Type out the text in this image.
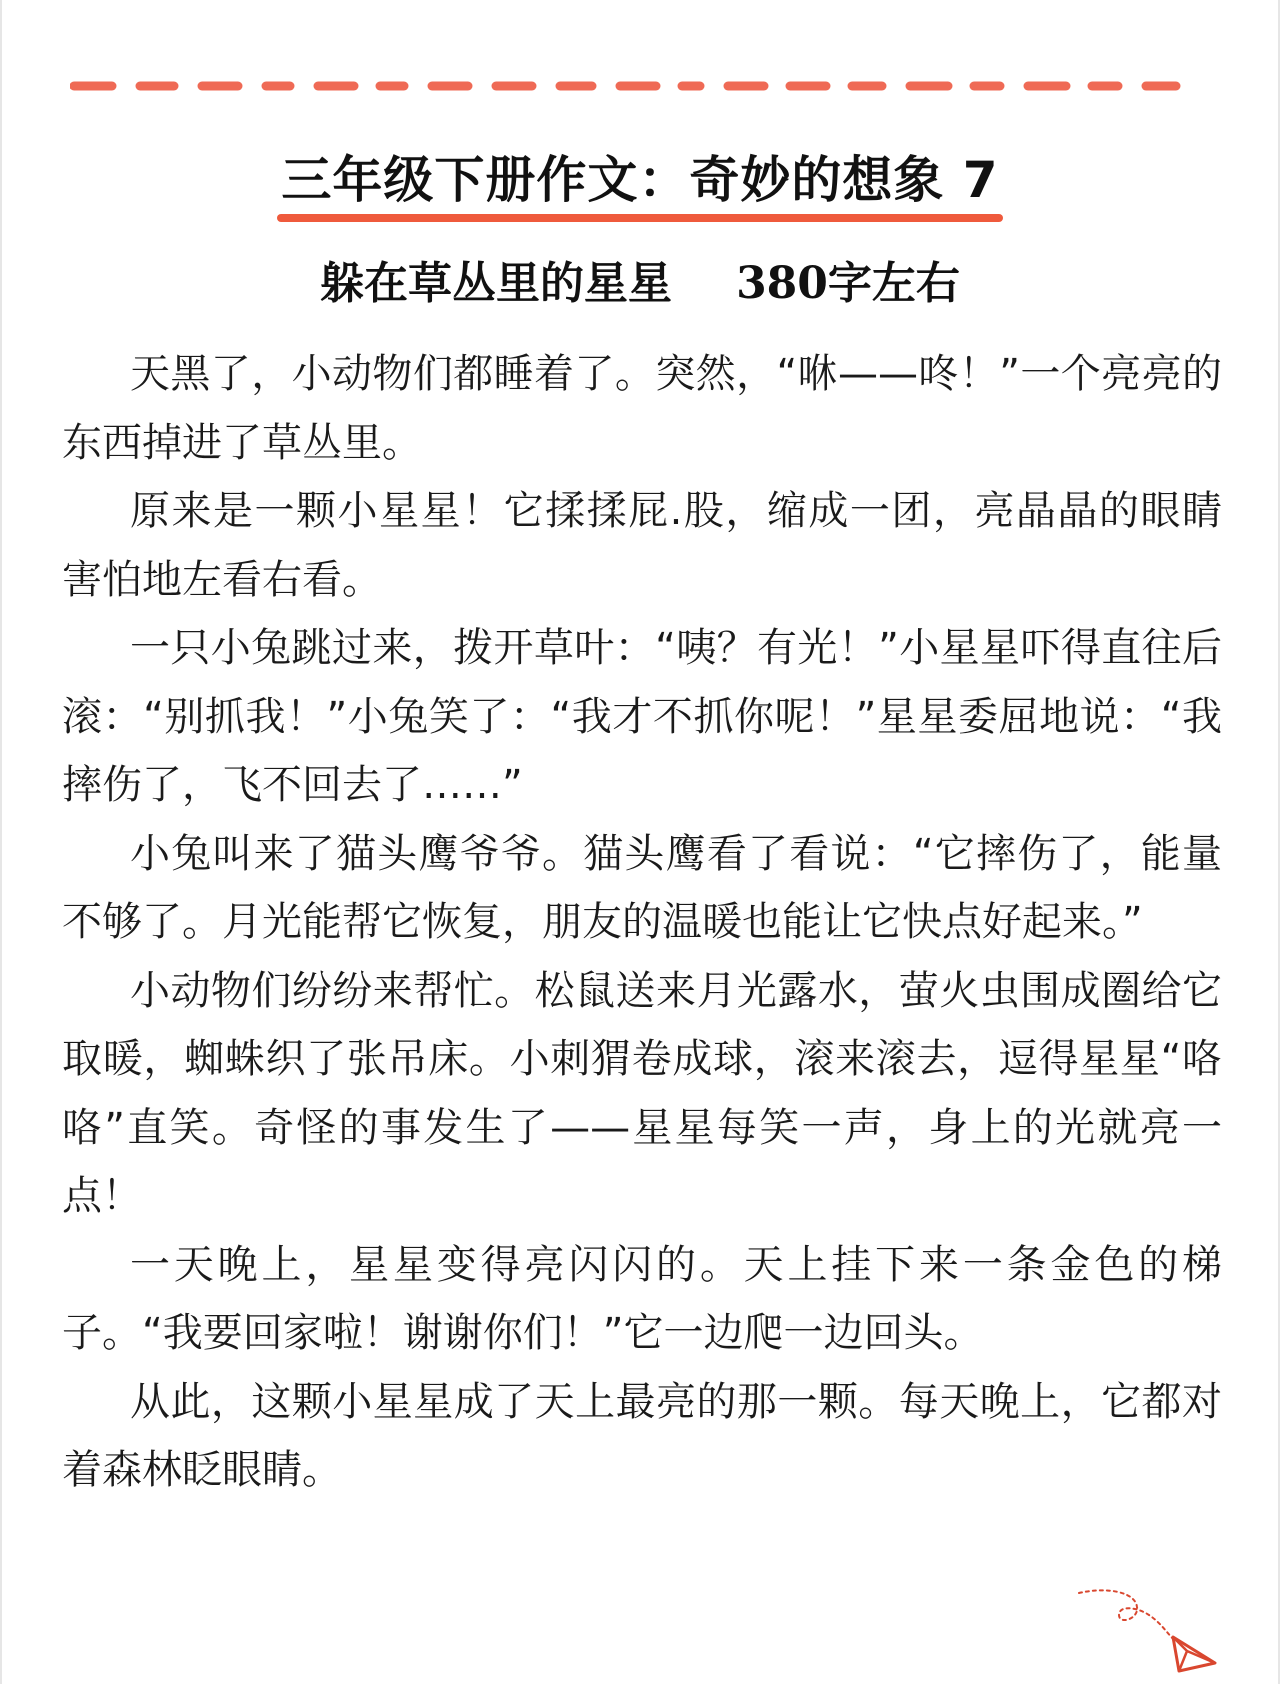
三年级下册作文：奇妙的想象 7
躲在草丛里的星星 380字左右

天黑了，小动物们都睡着了。突然，“咻——咚！”一个亮亮的东西掉进了草丛里。

原来是一颗小星星！它揉揉屁.股，缩成一团，亮晶晶的眼睛害怕地左看右看。

一只小兔跳过来，拨开草叶：“咦？有光！”小星星吓得直往后滚：“别抓我！”小兔笑了：“我才不抓你呢！”星星委屈地说：“我摔伤了，飞不回去了……”

小兔叫来了猫头鹰爷爷。猫头鹰看了看说：“它摔伤了，能量不够了。月光能帮它恢复，朋友的温暖也能让它快点好起来。”

小动物们纷纷来帮忙。松鼠送来月光露水，萤火虫围成圈给它取暖，蜘蛛织了张吊床。小刺猬卷成球，滚来滚去，逗得星星“咯咯”直笑。奇怪的事发生了——星星每笑一声，身上的光就亮一点！

一天晚上，星星变得亮闪闪的。天上挂下来一条金色的梯子。“我要回家啦！谢谢你们！”它一边爬一边回头。

从此，这颗小星星成了天上最亮的那一颗。每天晚上，它都对着森林眨眼睛。
